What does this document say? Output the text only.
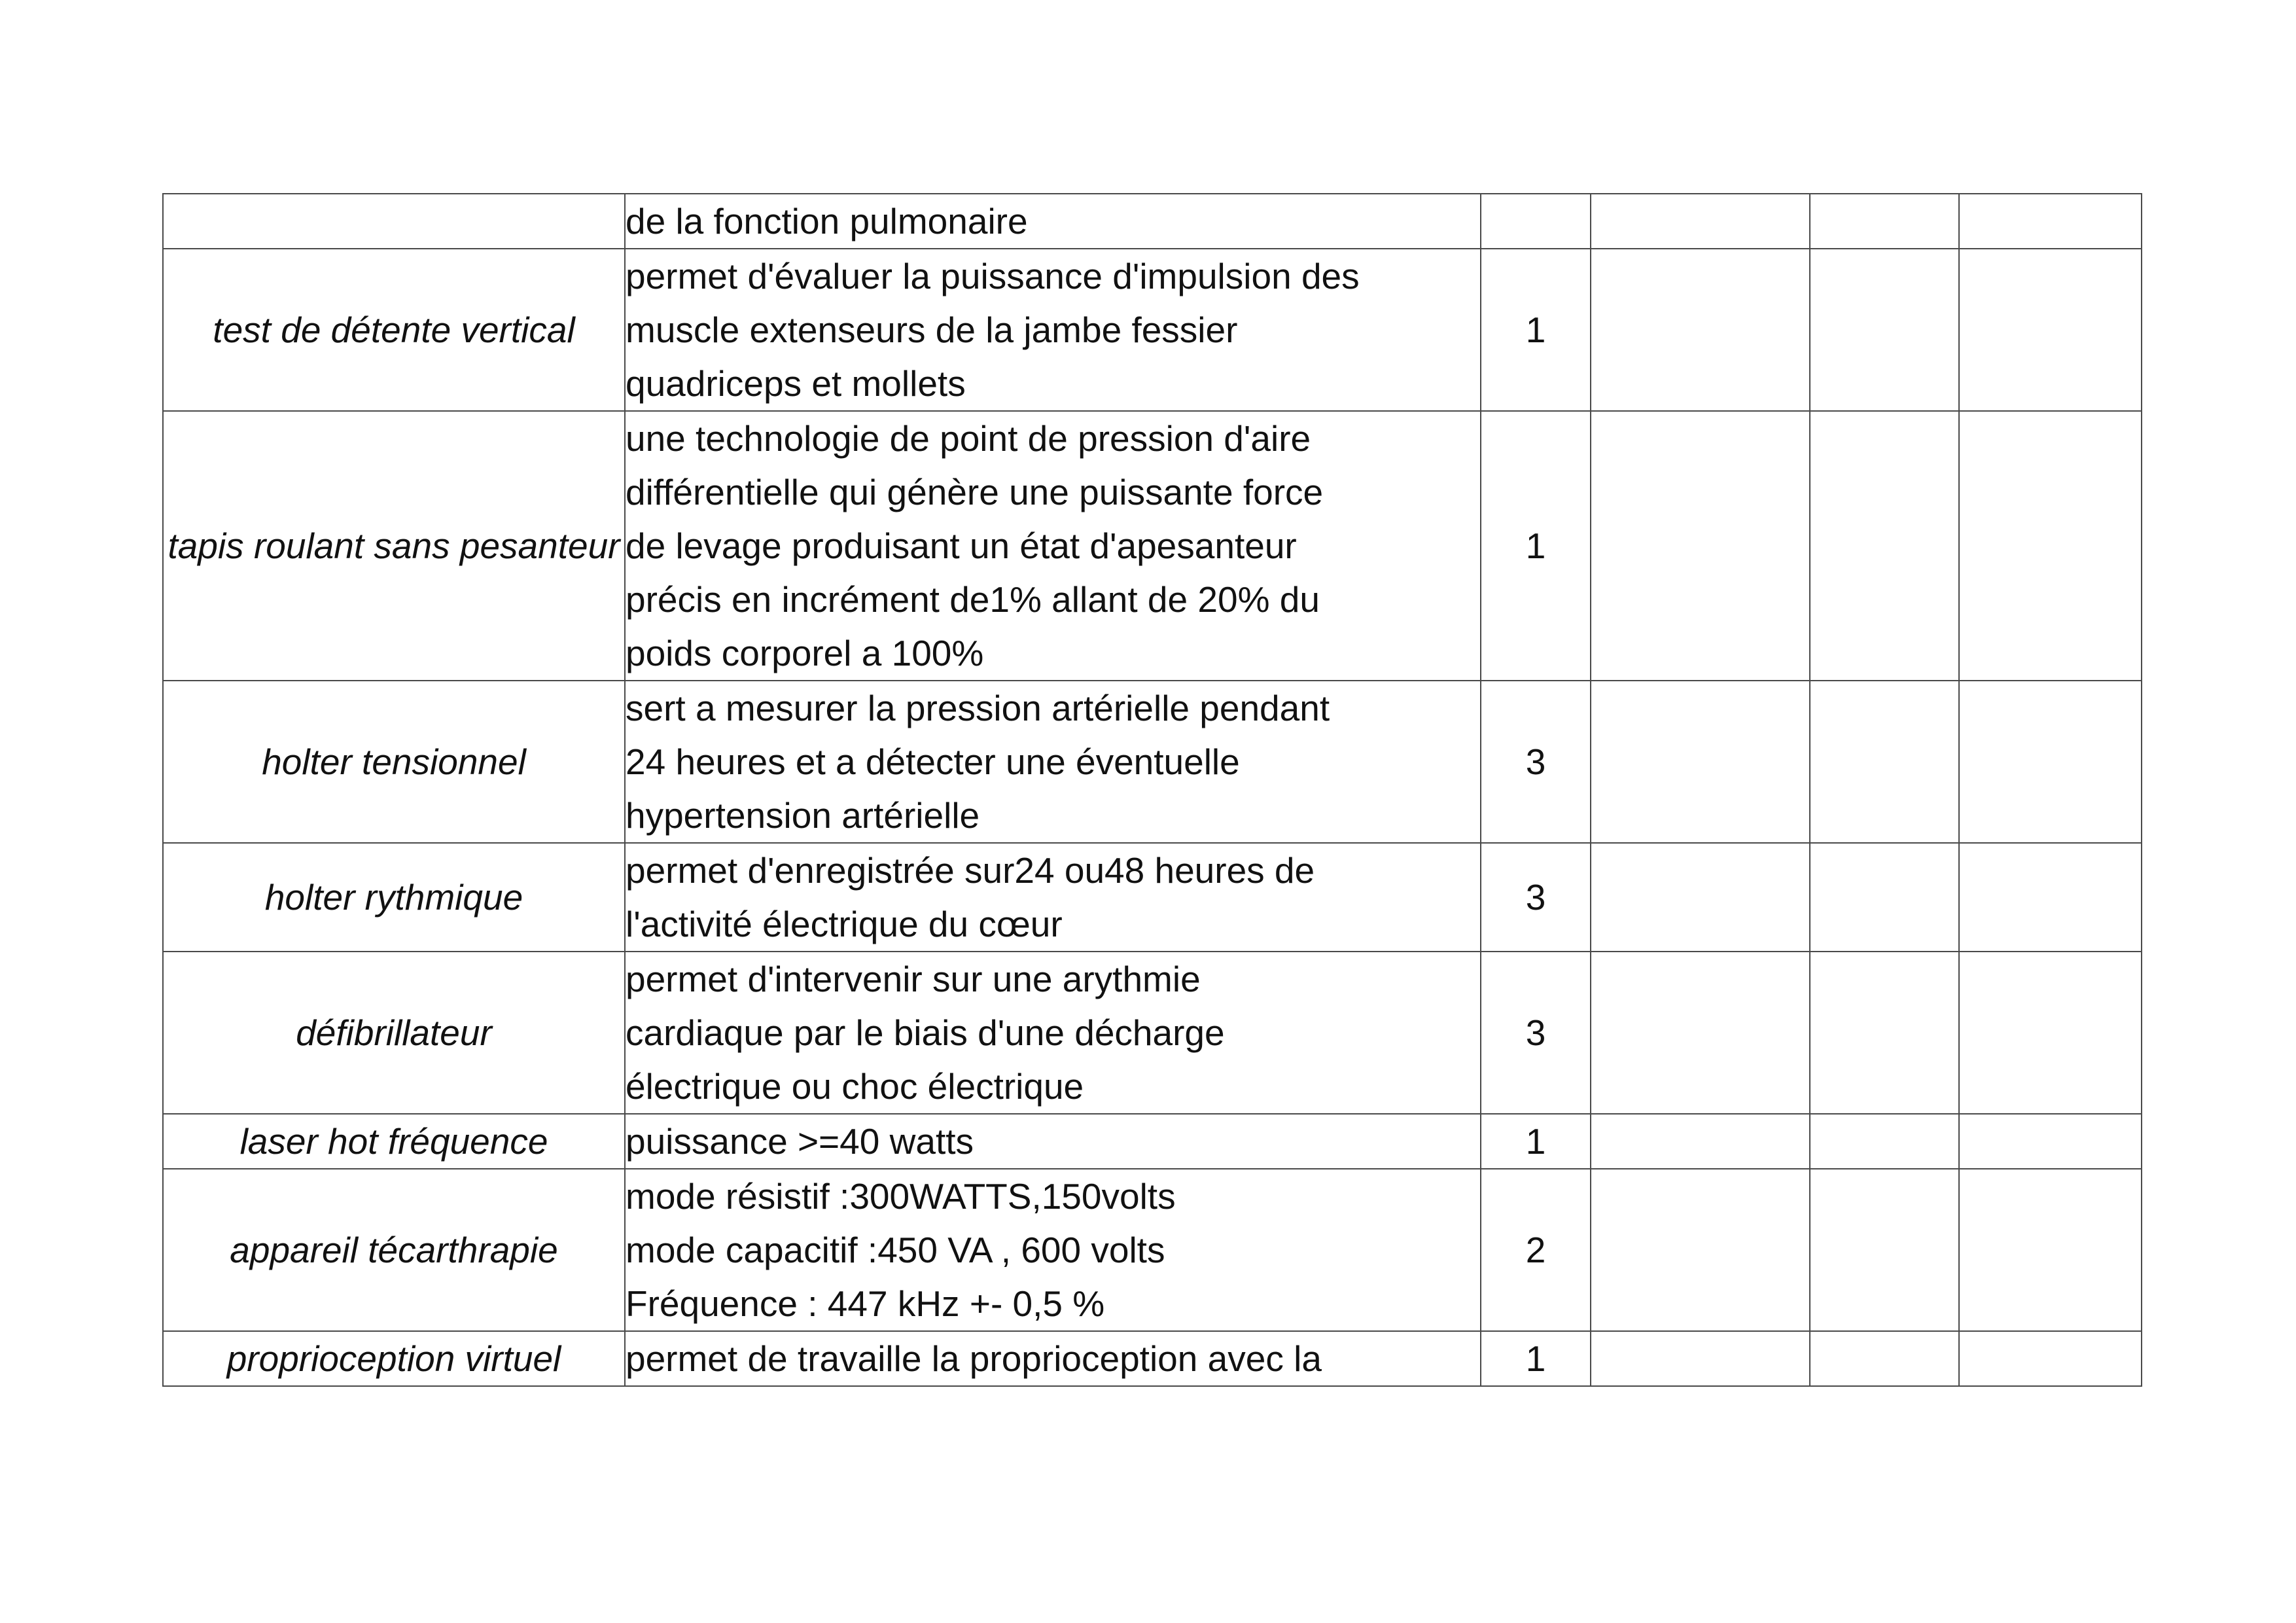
	de la fonction pulmonaire				
test de détente vertical	permet d'évaluer la puissance d'impulsion des
muscle extenseurs de la jambe fessier
quadriceps et mollets	1			
tapis roulant sans pesanteur	une technologie de point de pression d'aire
différentielle qui génère une puissante force
de levage produisant un état d'apesanteur
précis en incrément de1% allant de 20% du
poids corporel a 100%	1			
holter tensionnel	sert a mesurer la pression artérielle pendant
24 heures et a détecter une éventuelle
hypertension artérielle	3			
holter rythmique	permet d'enregistrée sur24 ou48 heures de
l'activité électrique du cœur	3			
défibrillateur	permet d'intervenir sur une arythmie
cardiaque par le biais d'une décharge
électrique ou choc électrique	3			
laser hot fréquence	puissance >=40 watts	1			
appareil técarthrapie	mode résistif :300WATTS,150volts
mode capacitif :450 VA , 600 volts
Fréquence : 447 kHz +- 0,5 %	2			
proprioception virtuel	permet de travaille la proprioception avec la	1			
